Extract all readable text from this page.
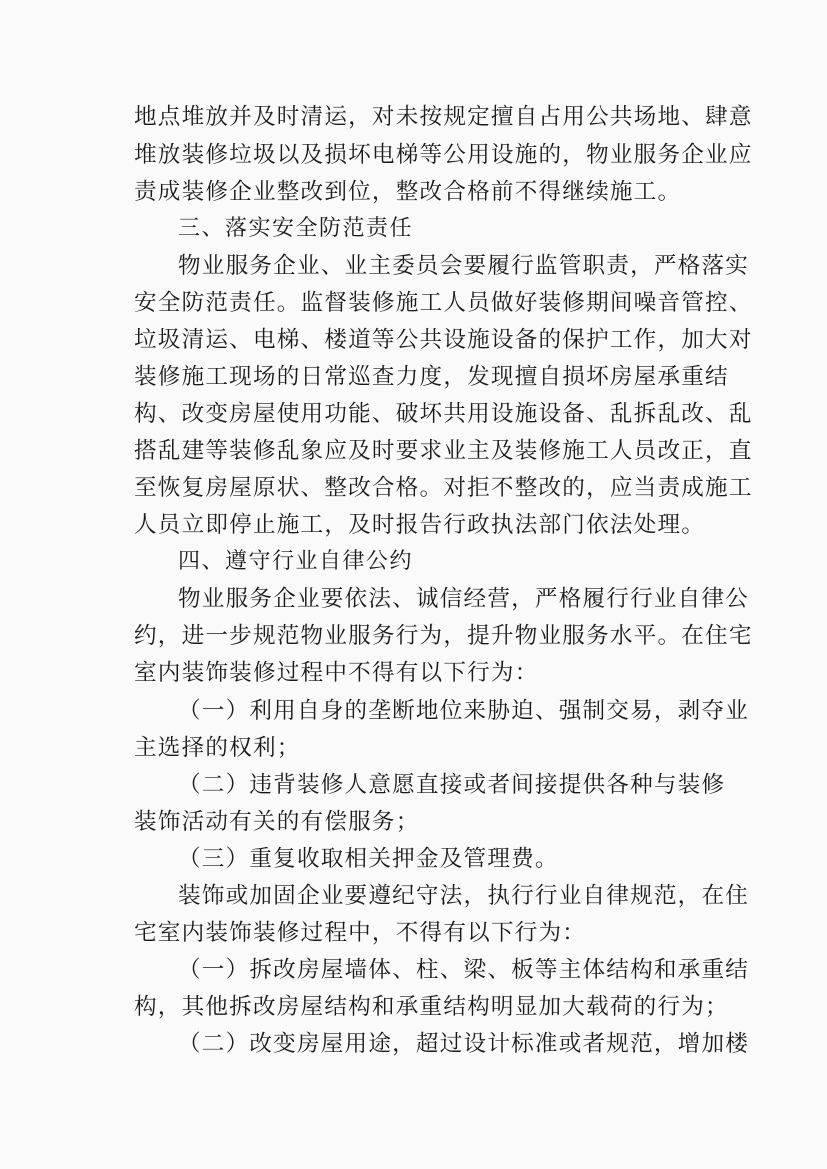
地点堆放并及时清运，对未按规定擅自占用公共场地、肆意
堆放装修垃圾以及损坏电梯等公用设施的，物业服务企业应
责成装修企业整改到位，整改合格前不得继续施工。
三、落实安全防范责任
物业服务企业、业主委员会要履行监管职责，严格落实
安全防范责任。监督装修施工人员做好装修期间噪音管控、
垃圾清运、电梯、楼道等公共设施设备的保护工作，加大对
装修施工现场的日常巡查力度，发现擅自损坏房屋承重结
构、改变房屋使用功能、破坏共用设施设备、乱拆乱改、乱
搭乱建等装修乱象应及时要求业主及装修施工人员改正，直
至恢复房屋原状、整改合格。对拒不整改的，应当责成施工
人员立即停止施工，及时报告行政执法部门依法处理。
四、遵守行业自律公约
物业服务企业要依法、诚信经营，严格履行行业自律公
约，进一步规范物业服务行为，提升物业服务水平。在住宅
室内装饰装修过程中不得有以下行为：
（一）利用自身的垄断地位来胁迫、强制交易，剥夺业
主选择的权利；
（二）违背装修人意愿直接或者间接提供各种与装修
装饰活动有关的有偿服务；
（三）重复收取相关押金及管理费。
装饰或加固企业要遵纪守法，执行行业自律规范，在住
宅室内装饰装修过程中，不得有以下行为：
（一）拆改房屋墙体、柱、梁、板等主体结构和承重结
构，其他拆改房屋结构和承重结构明显加大载荷的行为；
（二）改变房屋用途，超过设计标准或者规范，增加楼
